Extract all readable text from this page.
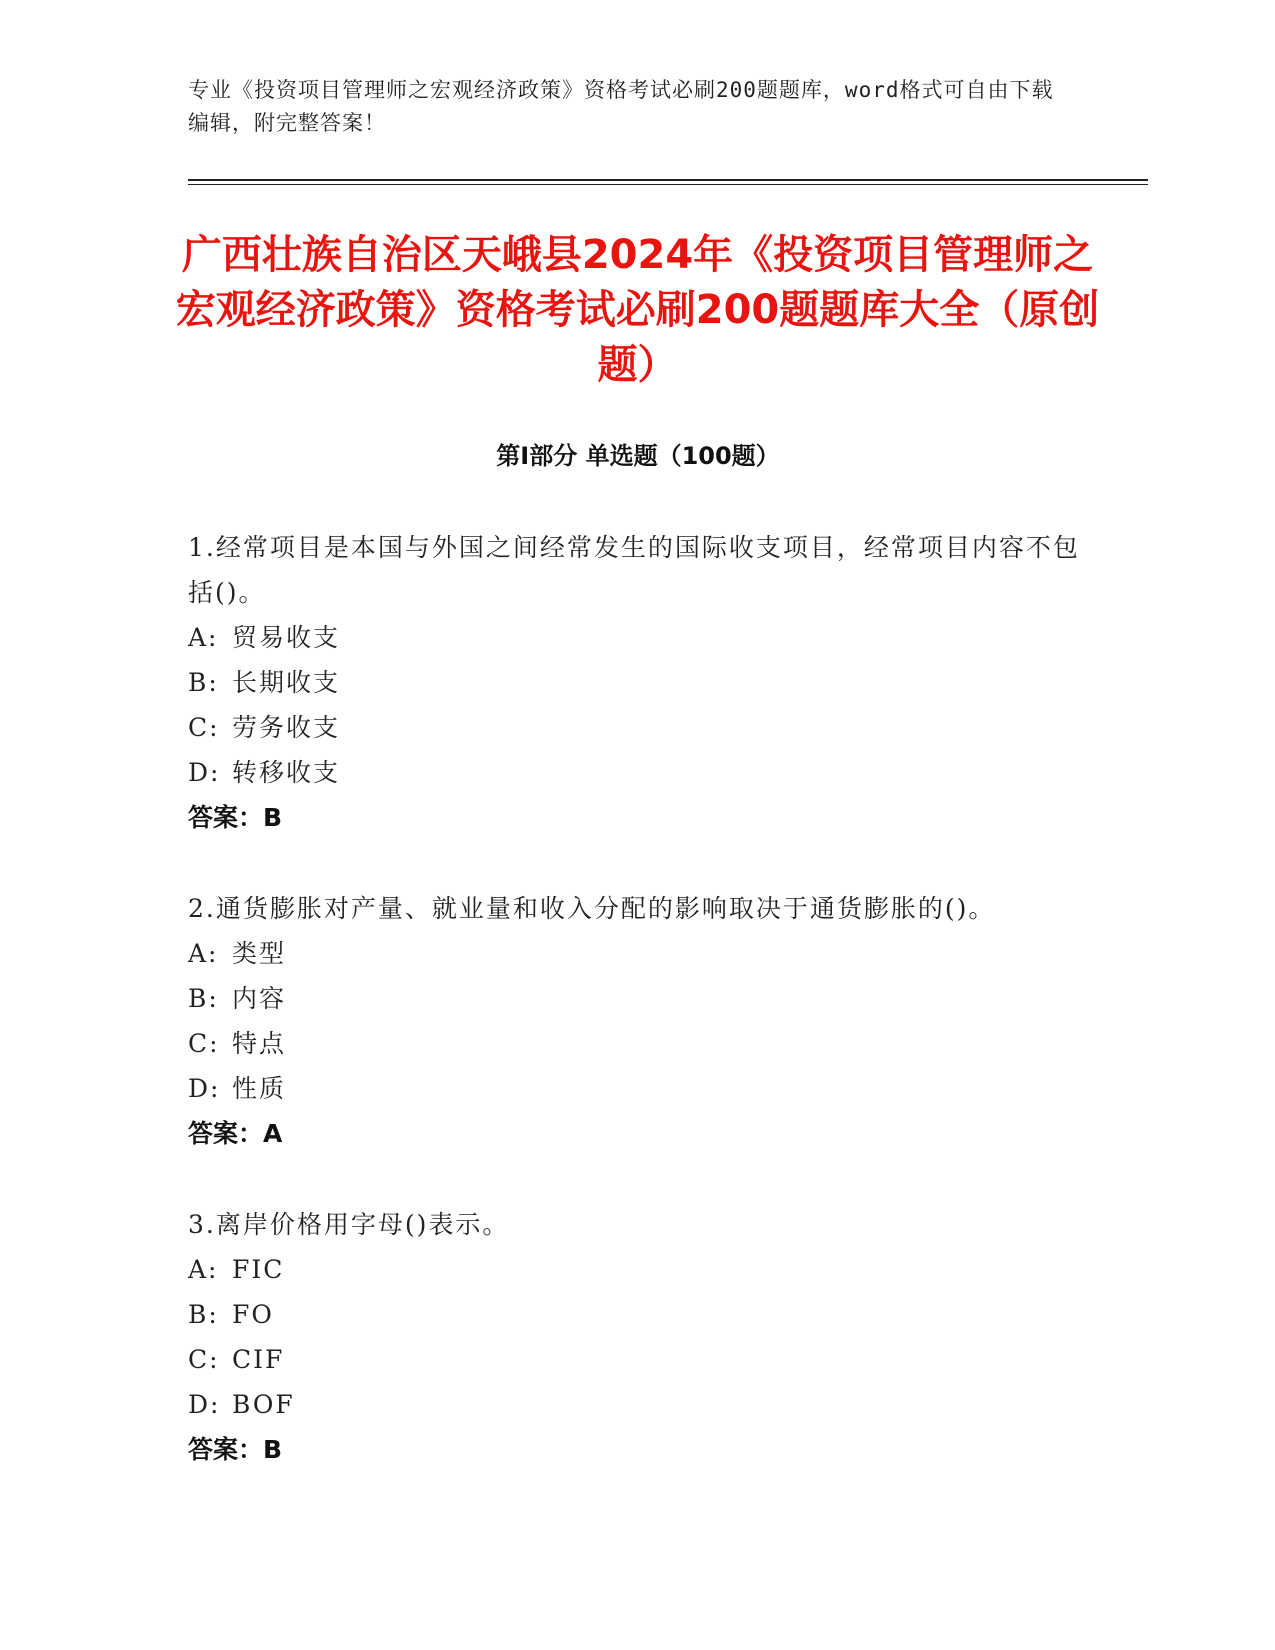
专业《投资项目管理师之宏观经济政策》资格考试必刷200题题库，word格式可自由下载编辑，附完整答案！
广西壮族自治区天峨县2024年《投资项目管理师之宏观经济政策》资格考试必刷200题题库大全（原创题）
第Ⅰ部分 单选题（100题）
1.经常项目是本国与外国之间经常发生的国际收支项目，经常项目内容不包括()。
A: 贸易收支
B: 长期收支
C: 劳务收支
D: 转移收支
答案：B
2.通货膨胀对产量、就业量和收入分配的影响取决于通货膨胀的()。
A: 类型
B: 内容
C: 特点
D: 性质
答案：A
3.离岸价格用字母()表示。
A: FIC
B: FO
C: CIF
D: BOF
答案：B
